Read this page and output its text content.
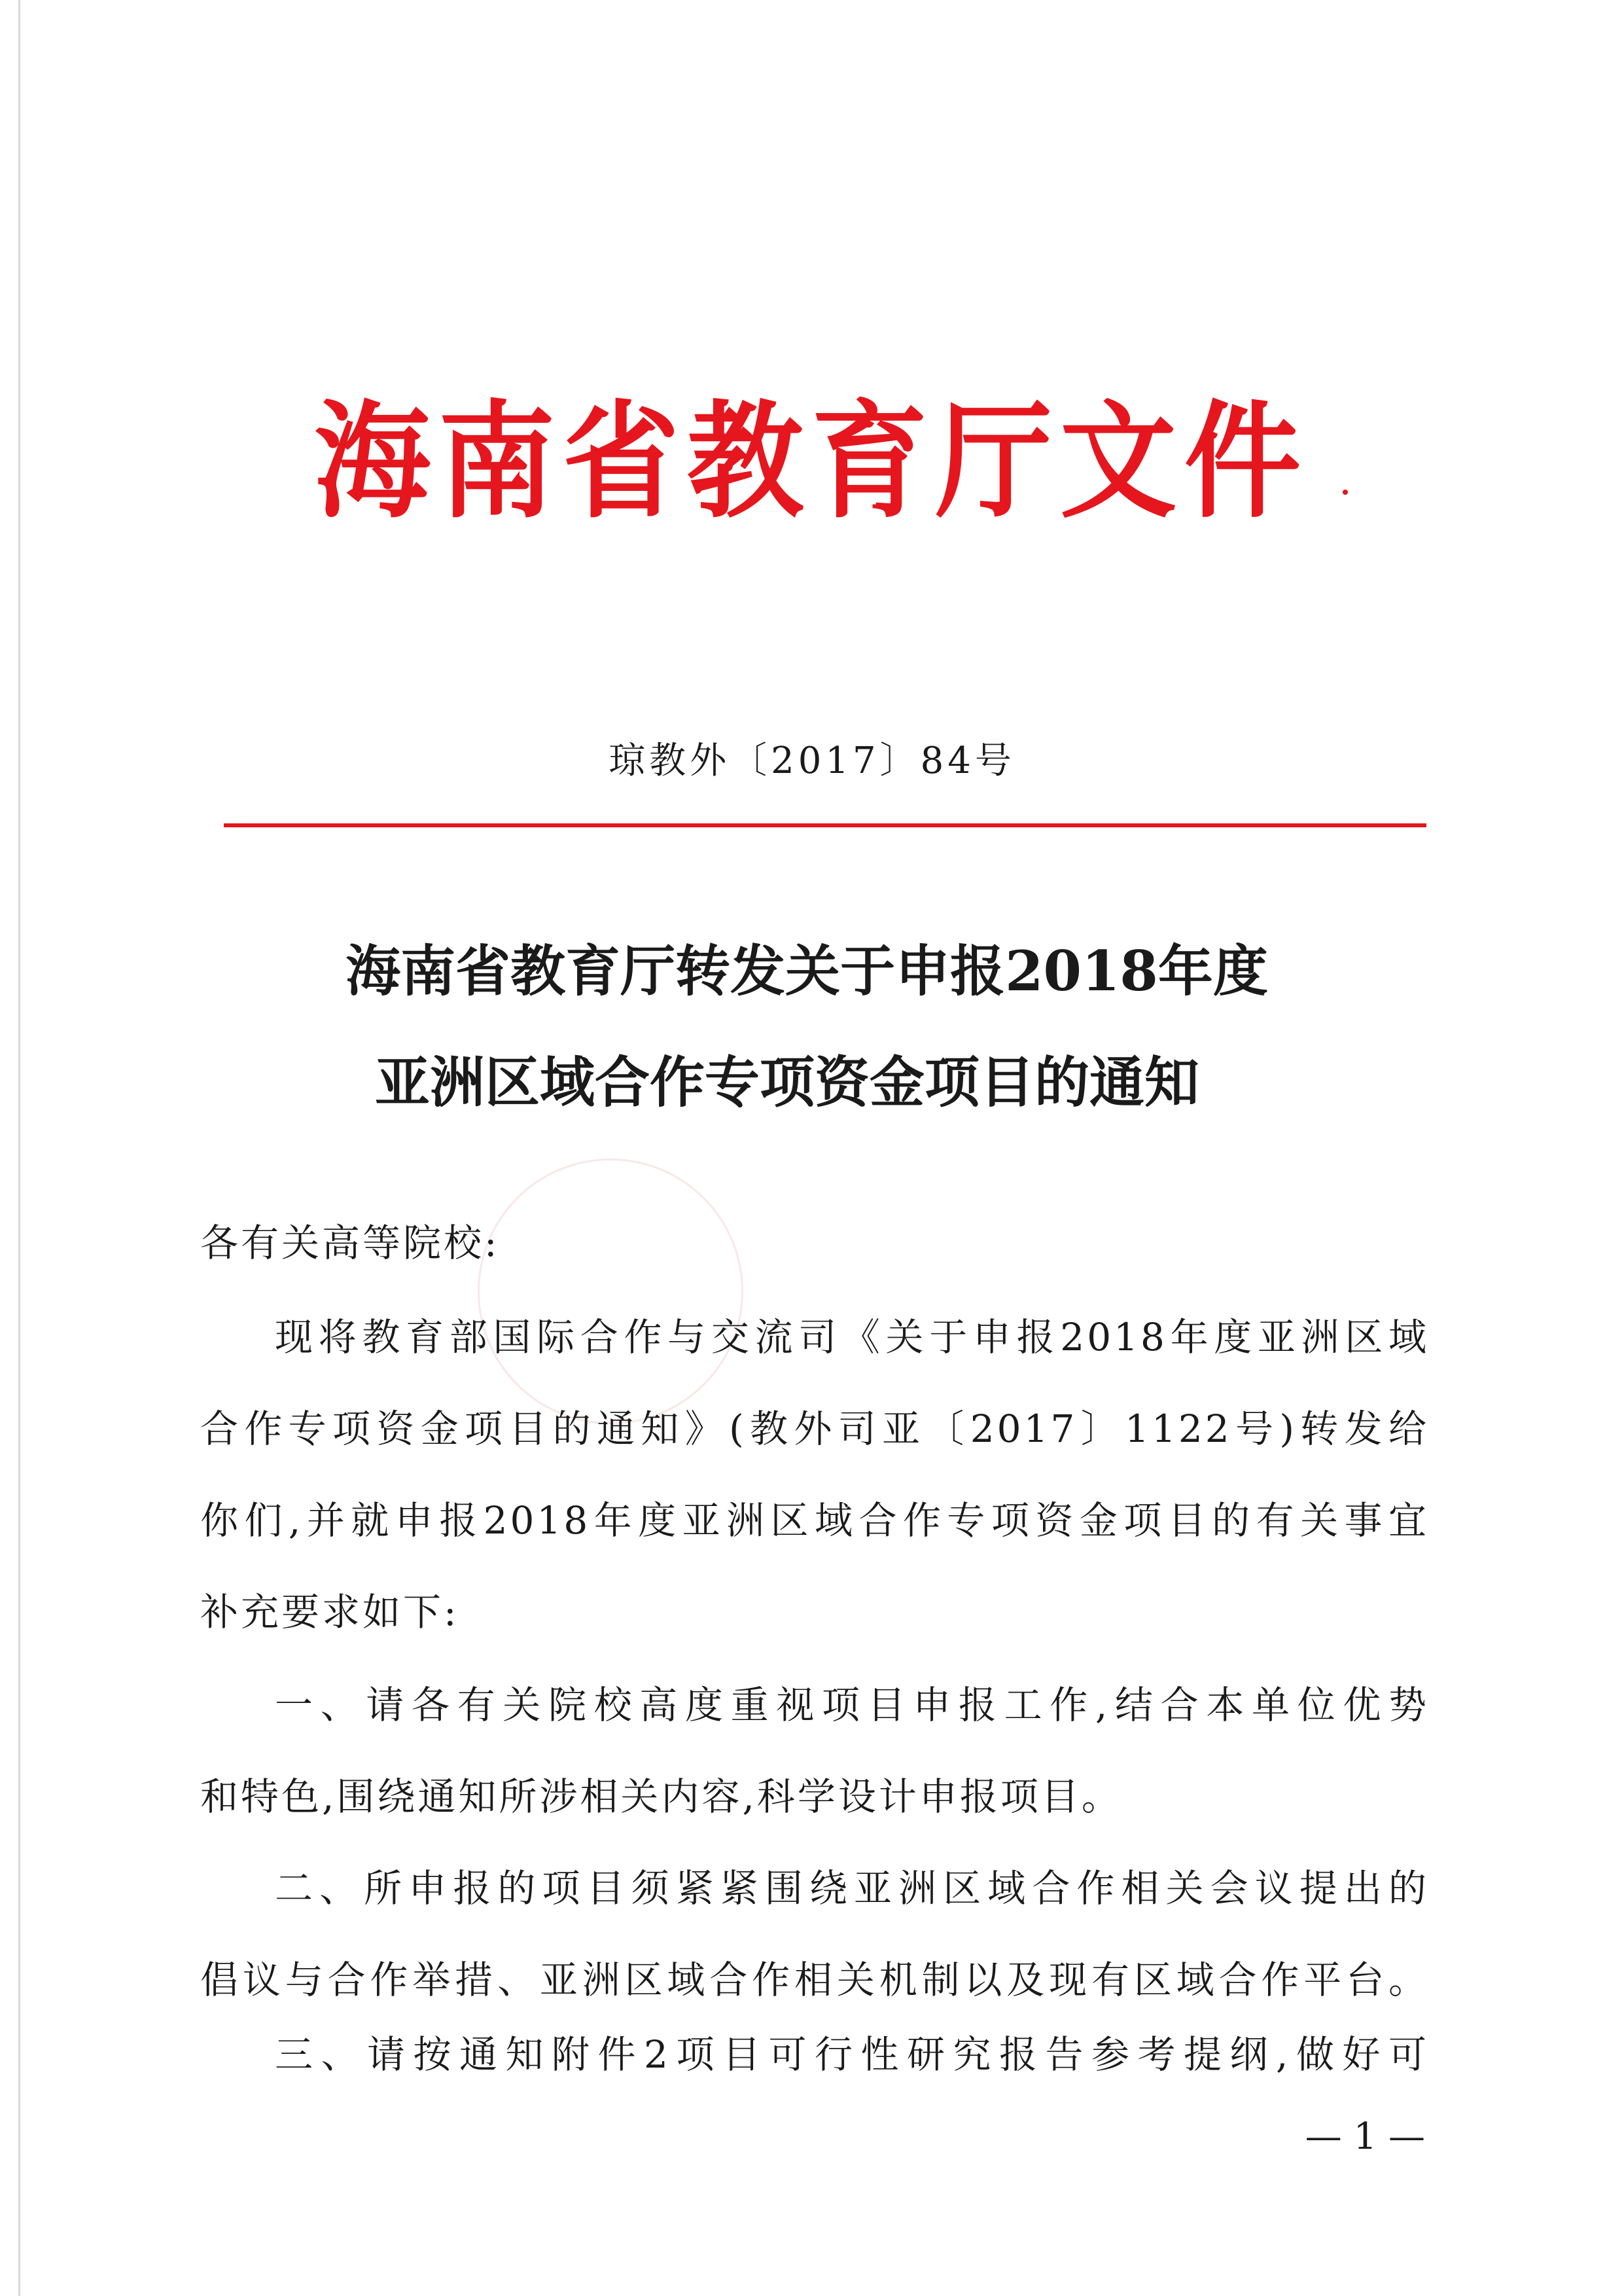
海南省教育厅文件
琼教外〔2017〕84号
海南省教育厅转发关于申报2018年度
亚洲区域合作专项资金项目的通知
各有关高等院校:
现将教育部国际合作与交流司《关于申报2018年度亚洲区域
合作专项资金项目的通知》(教外司亚〔2017〕1122号)转发给
你们,并就申报2018年度亚洲区域合作专项资金项目的有关事宜
补充要求如下:
一、请各有关院校高度重视项目申报工作,结合本单位优势
和特色,围绕通知所涉相关内容,科学设计申报项目。
二、所申报的项目须紧紧围绕亚洲区域合作相关会议提出的
倡议与合作举措、亚洲区域合作相关机制以及现有区域合作平台。
三、请按通知附件2项目可行性研究报告参考提纲,做好可
— 1 —
